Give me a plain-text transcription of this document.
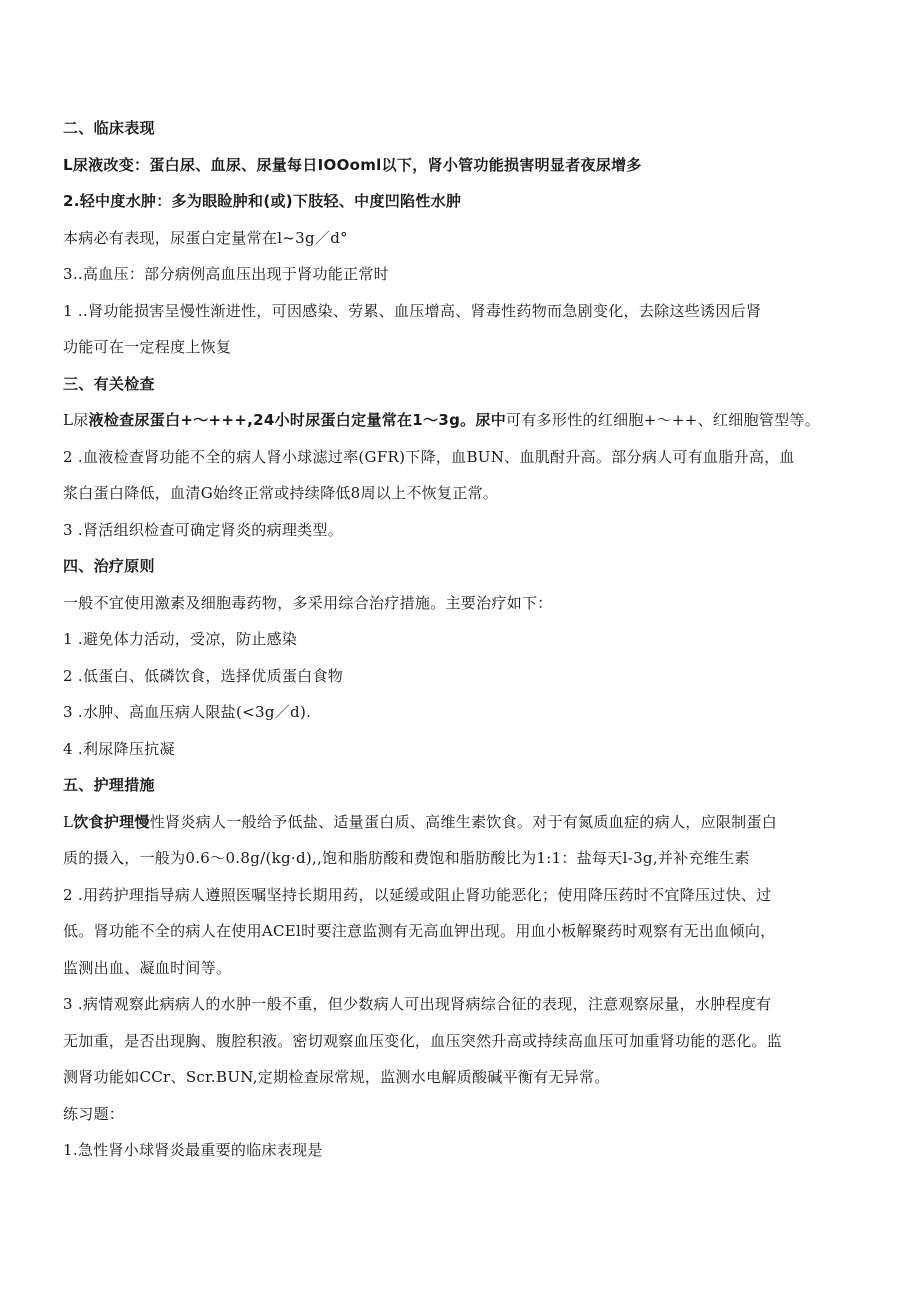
二、临床表现
L尿液改变：蛋白尿、血尿、尿量每日IOOoml以下，肾小管功能损害明显者夜尿增多
2.轻中度水肿：多为眼睑肿和(或)下肢轻、中度凹陷性水肿
本病必有表现，尿蛋白定量常在l~3g／d°
3..高血压：部分病例高血压出现于肾功能正常时
1 ..肾功能损害呈慢性渐进性，可因感染、劳累、血压增高、肾毒性药物而急剧变化，去除这些诱因后肾
功能可在一定程度上恢复
三、有关检查
L尿液检查尿蛋白+～+++,24小时尿蛋白定量常在1～3g。尿中可有多形性的红细胞+～++、红细胞管型等。
2 .血液检查肾功能不全的病人肾小球滤过率(GFR)下降，血BUN、血肌酎升高。部分病人可有血脂升高，血
浆白蛋白降低，血清G始终正常或持续降低8周以上不恢复正常。
3 .肾活组织检查可确定肾炎的病理类型。
四、治疗原则
一般不宜使用激素及细胞毒药物，多采用综合治疗措施。主要治疗如下：
1 .避免体力活动，受凉，防止感染
2 .低蛋白、低磷饮食，选择优质蛋白食物
3 .水肿、高血压病人限盐(<3g／d).
4 .利尿降压抗凝
五、护理措施
L饮食护理慢性肾炎病人一般给予低盐、适量蛋白质、高维生素饮食。对于有氮质血症的病人，应限制蛋白
质的摄入，一般为0.6～0.8g/(kg·d),,饱和脂肪酸和费饱和脂肪酸比为1:1：盐每天l-3g,并补充维生素
2 .用药护理指导病人遵照医嘱坚持长期用药，以延缓或阻止肾功能恶化；使用降压药时不宜降压过快、过
低。肾功能不全的病人在使用ACEl时要注意监测有无高血钾出现。用血小板解聚药时观察有无出血倾向，
监测出血、凝血时间等。
3 .病情观察此病病人的水肿一般不重，但少数病人可出现肾病综合征的表现，注意观察尿量，水肿程度有
无加重，是否出现胸、腹腔积液。密切观察血压变化，血压突然升高或持续高血压可加重肾功能的恶化。监
测肾功能如CCr、Scr.BUN,定期检查尿常规，监测水电解质酸碱平衡有无异常。
练习题：
1.急性肾小球肾炎最重要的临床表现是
